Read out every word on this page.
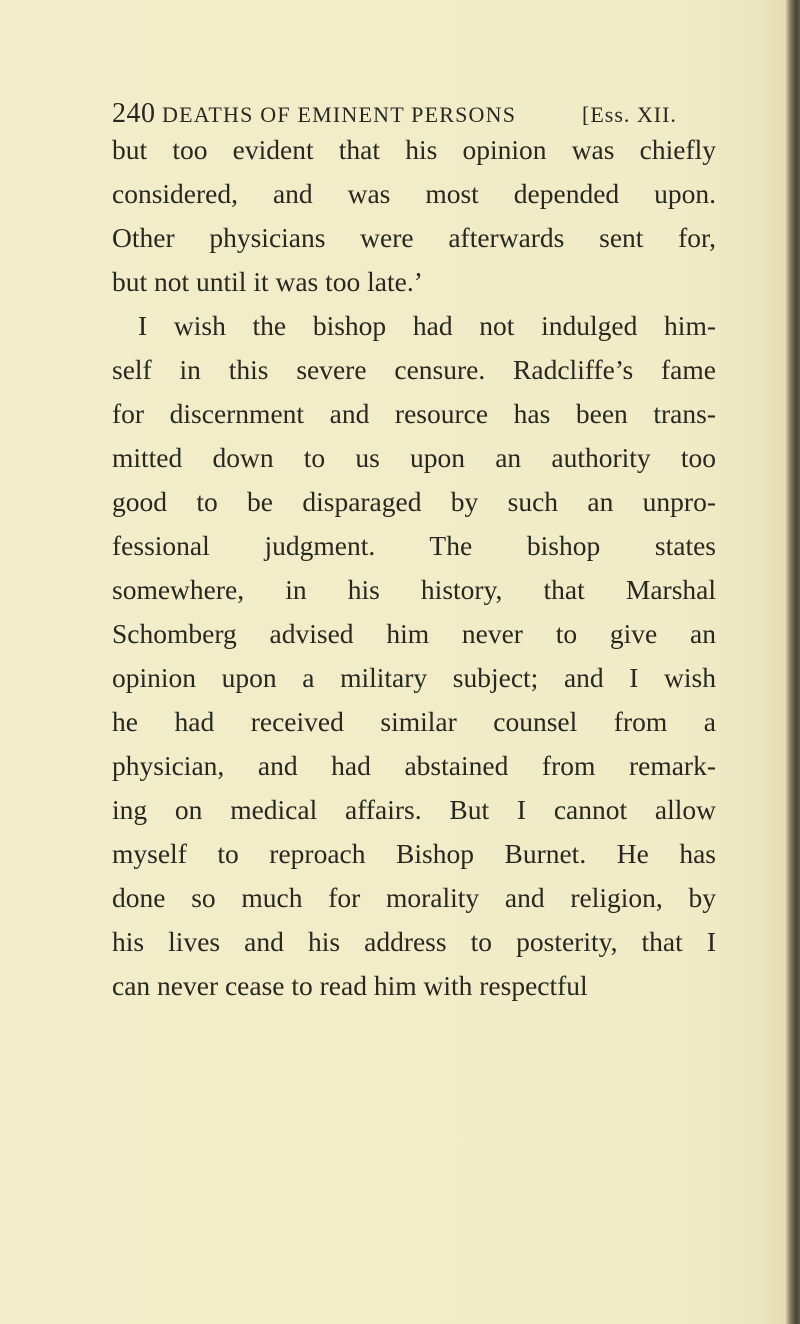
240 DEATHS OF EMINENT PERSONS	[Ess. XII.
but too evident that his opinion was chiefly
considered, and was most depended upon.
Other physicians were afterwards sent for,
but not until it was too late.’
I wish the bishop had not indulged him-
self in this severe censure. Radcliffe’s fame
for discernment and resource has been trans-
mitted down to us upon an authority too
good to be disparaged by such an unpro-
fessional judgment. The bishop states
somewhere, in his history, that Marshal
Schomberg advised him never to give an
opinion upon a military subject; and I wish
he had received similar counsel from a
physician, and had abstained from remark-
ing on medical affairs. But I cannot allow
myself to reproach Bishop Burnet. He has
done so much for morality and religion, by
his lives and his address to posterity, that I
can never cease to read him with respectful
